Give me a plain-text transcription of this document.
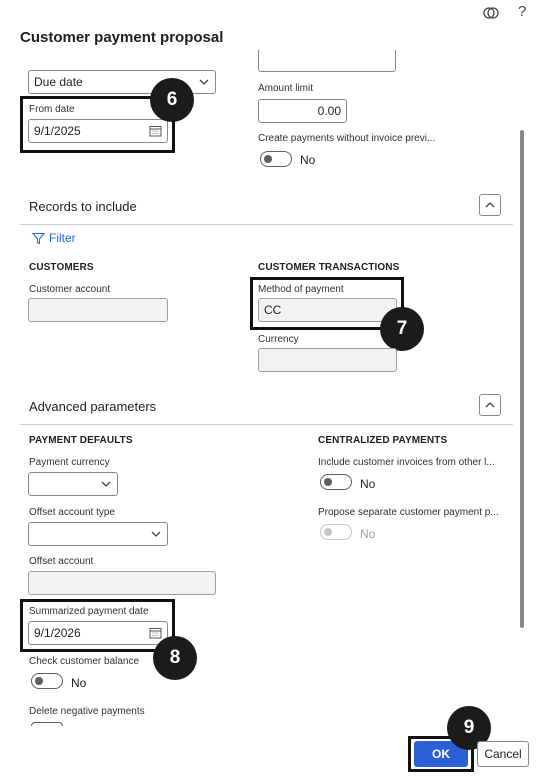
?
Customer payment proposal
Due date
From date
9/1/2025
6
Amount limit
0.00
Create payments without invoice previ...
No
Records to include
Filter
CUSTOMERS
Customer account
CUSTOMER TRANSACTIONS
Method of payment
CC
7
Currency
Advanced parameters
PAYMENT DEFAULTS
Payment currency
Offset account type
Offset account
Summarized payment date
9/1/2026
8
Check customer balance
No
Delete negative payments
CENTRALIZED PAYMENTS
Include customer invoices from other l...
No
Propose separate customer payment p...
No
OK
9
Cancel
